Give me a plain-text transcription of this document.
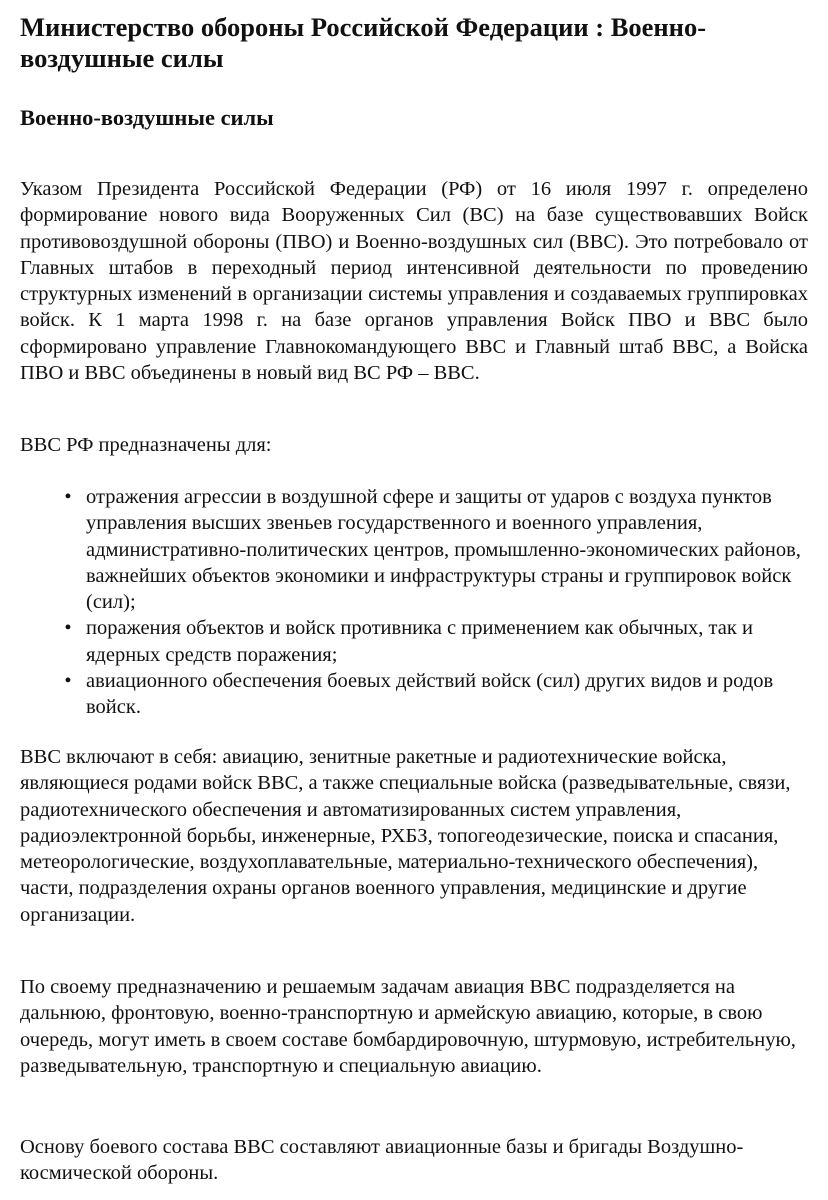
Министерство обороны Российской Федерации : Военно-воздушные силы
Военно-воздушные силы

Указом Президента Российской Федерации (РФ) от 16 июля 1997 г. определено формирование нового вида Вооруженных Сил (ВС) на базе существовавших Войск противовоздушной обороны (ПВО) и Военно-воздушных сил (ВВС). Это потребовало от Главных штабов в переходный период интенсивной деятельности по проведению структурных изменений в организации системы управления и создаваемых группировках войск. К 1 марта 1998 г. на базе органов управления Войск ПВО и ВВС было сформировано управление Главнокомандующего ВВС и Главный штаб ВВС, а Войска ПВО и ВВС объединены в новый вид ВС РФ – ВВС.

ВВС РФ предназначены для:

• отражения агрессии в воздушной сфере и защиты от ударов с воздуха пунктов управления высших звеньев государственного и военного управления, административно-политических центров, промышленно-экономических районов, важнейших объектов экономики и инфраструктуры страны и группировок войск (сил);
• поражения объектов и войск противника с применением как обычных, так и ядерных средств поражения;
• авиационного обеспечения боевых действий войск (сил) других видов и родов войск.

ВВС включают в себя: авиацию, зенитные ракетные и радиотехнические войска, являющиеся родами войск ВВС, а также специальные войска (разведывательные, связи, радиотехнического обеспечения и автоматизированных систем управления, радиоэлектронной борьбы, инженерные, РХБЗ, топогеодезические, поиска и спасания, метеорологические, воздухоплавательные, материально-технического обеспечения), части, подразделения охраны органов военного управления, медицинские и другие организации.

По своему предназначению и решаемым задачам авиация ВВС подразделяется на дальнюю, фронтовую, военно-транспортную и армейскую авиацию, которые, в свою очередь, могут иметь в своем составе бомбардировочную, штурмовую, истребительную, разведывательную, транспортную и специальную авиацию.

Основу боевого состава ВВС составляют авиационные базы и бригады Воздушно-космической обороны.
